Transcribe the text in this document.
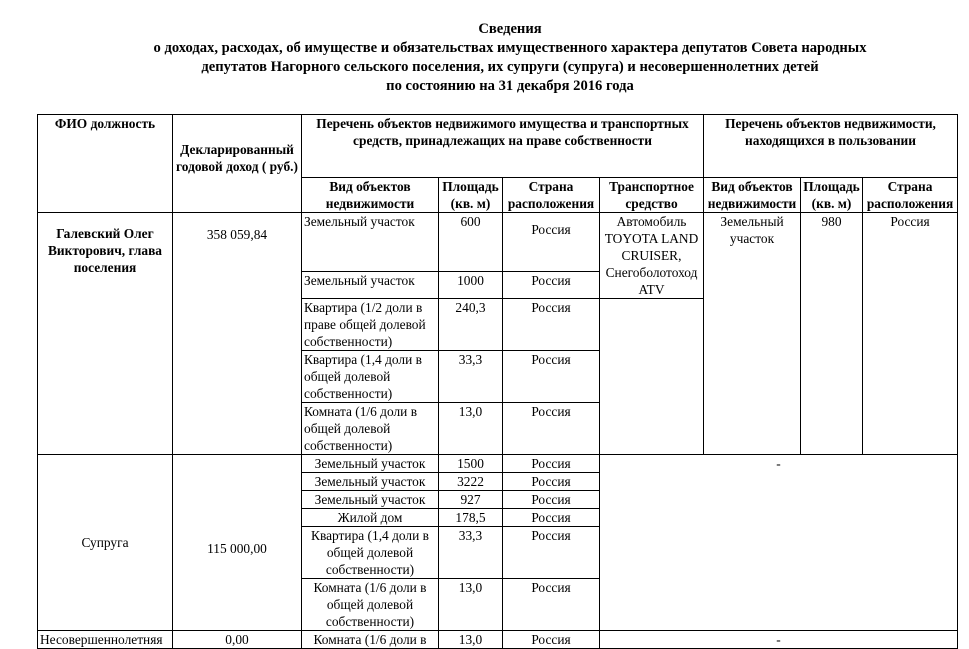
Сведения
о доходах, расходах, об имуществе и обязательствах имущественного характера депутатов Совета народных
депутатов Нагорного сельского поселения, их супруги (супруга) и несовершеннолетних детей
по состоянию на 31 декабря 2016 года
ФИО должность	Декларированный годовой доход ( руб.)	Перечень объектов недвижимого имущества и транспортных средств, принадлежащих на праве собственности				Перечень объектов недвижимости, находящихся в пользовании		
		Вид объектов недвижимости	Площадь (кв. м)	Страна расположения	Транспортное средство	Вид объектов недвижимости	Площадь (кв. м)	Страна расположения
Галевский Олег Викторович, глава поселения	358 059,84	Земельный участок	600	Россия	Автомобиль TOYOTA LAND CRUISER, Снегоболотоход ATV	Земельный участок	980	Россия
		Земельный участок	1000	Россия				
		Квартира (1/2 доли в праве общей долевой собственности)	240,3	Россия				
		Квартира (1,4 доли в общей долевой собственности)	33,3	Россия				
		Комната (1/6 доли в общей долевой собственности)	13,0	Россия				
Супруга	115 000,00	Земельный участок	1500	Россия	-			
		Земельный участок	3222	Россия				
		Земельный участок	927	Россия				
		Жилой дом	178,5	Россия				
		Квартира (1,4 доли в общей долевой собственности)	33,3	Россия				
		Комната (1/6 доли в общей долевой собственности)	13,0	Россия				
Несовершеннолетняя	0,00	Комната (1/6 доли в	13,0	Россия	-			
